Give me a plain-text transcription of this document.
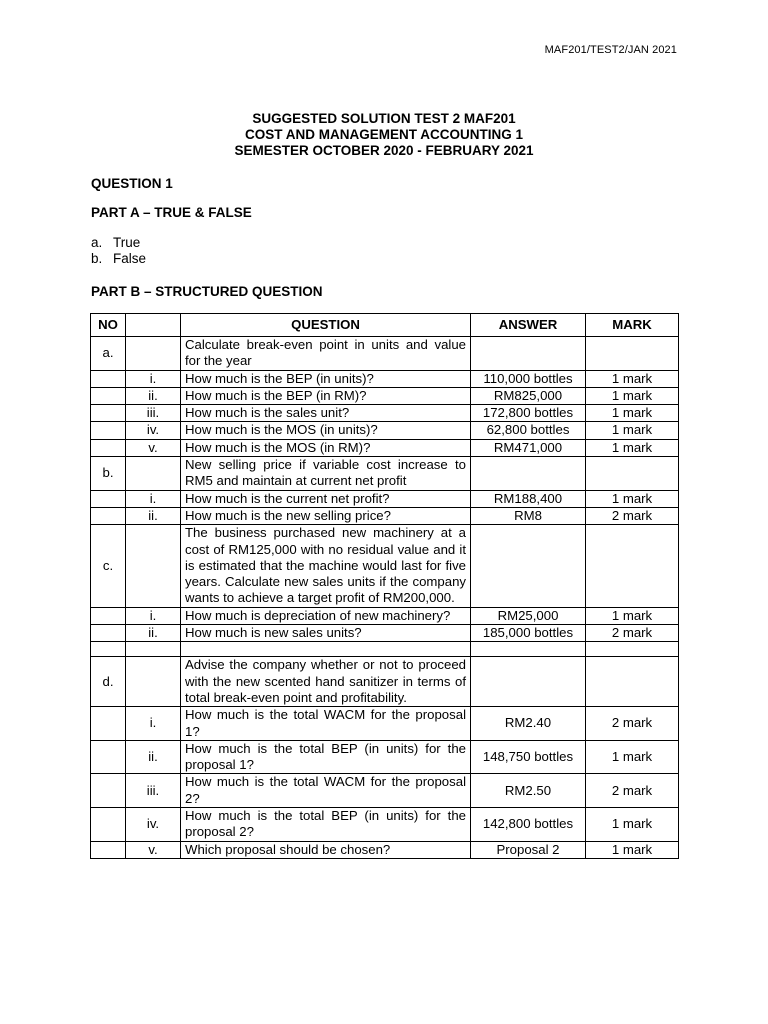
MAF201/TEST2/JAN 2021
SUGGESTED SOLUTION TEST 2 MAF201
COST AND MANAGEMENT ACCOUNTING 1
SEMESTER OCTOBER 2020 - FEBRUARY 2021
QUESTION 1
PART A – TRUE & FALSE
a. True
b. False
PART B – STRUCTURED QUESTION
NO		QUESTION	ANSWER	MARK
a.		Calculate break-even point in units and value for the year		
	i.	How much is the BEP (in units)?	110,000 bottles	1 mark
	ii.	How much is the BEP (in RM)?	RM825,000	1 mark
	iii.	How much is the sales unit?	172,800 bottles	1 mark
	iv.	How much is the MOS (in units)?	62,800 bottles	1 mark
	v.	How much is the MOS (in RM)?	RM471,000	1 mark
b.		New selling price if variable cost increase to RM5 and maintain at current net profit		
	i.	How much is the current net profit?	RM188,400	1 mark
	ii.	How much is the new selling price?	RM8	2 mark
c.		The business purchased new machinery at a cost of RM125,000 with no residual value and it is estimated that the machine would last for five years. Calculate new sales units if the company wants to achieve a target profit of RM200,000.		
	i.	How much is depreciation of new machinery?	RM25,000	1 mark
	ii.	How much is new sales units?	185,000 bottles	2 mark

d.		Advise the company whether or not to proceed with the new scented hand sanitizer in terms of total break-even point and profitability.		
	i.	How much is the total WACM for the proposal 1?	RM2.40	2 mark
	ii.	How much is the total BEP (in units) for the proposal 1?	148,750 bottles	1 mark
	iii.	How much is the total WACM for the proposal 2?	RM2.50	2 mark
	iv.	How much is the total BEP (in units) for the proposal 2?	142,800 bottles	1 mark
	v.	Which proposal should be chosen?	Proposal 2	1 mark
